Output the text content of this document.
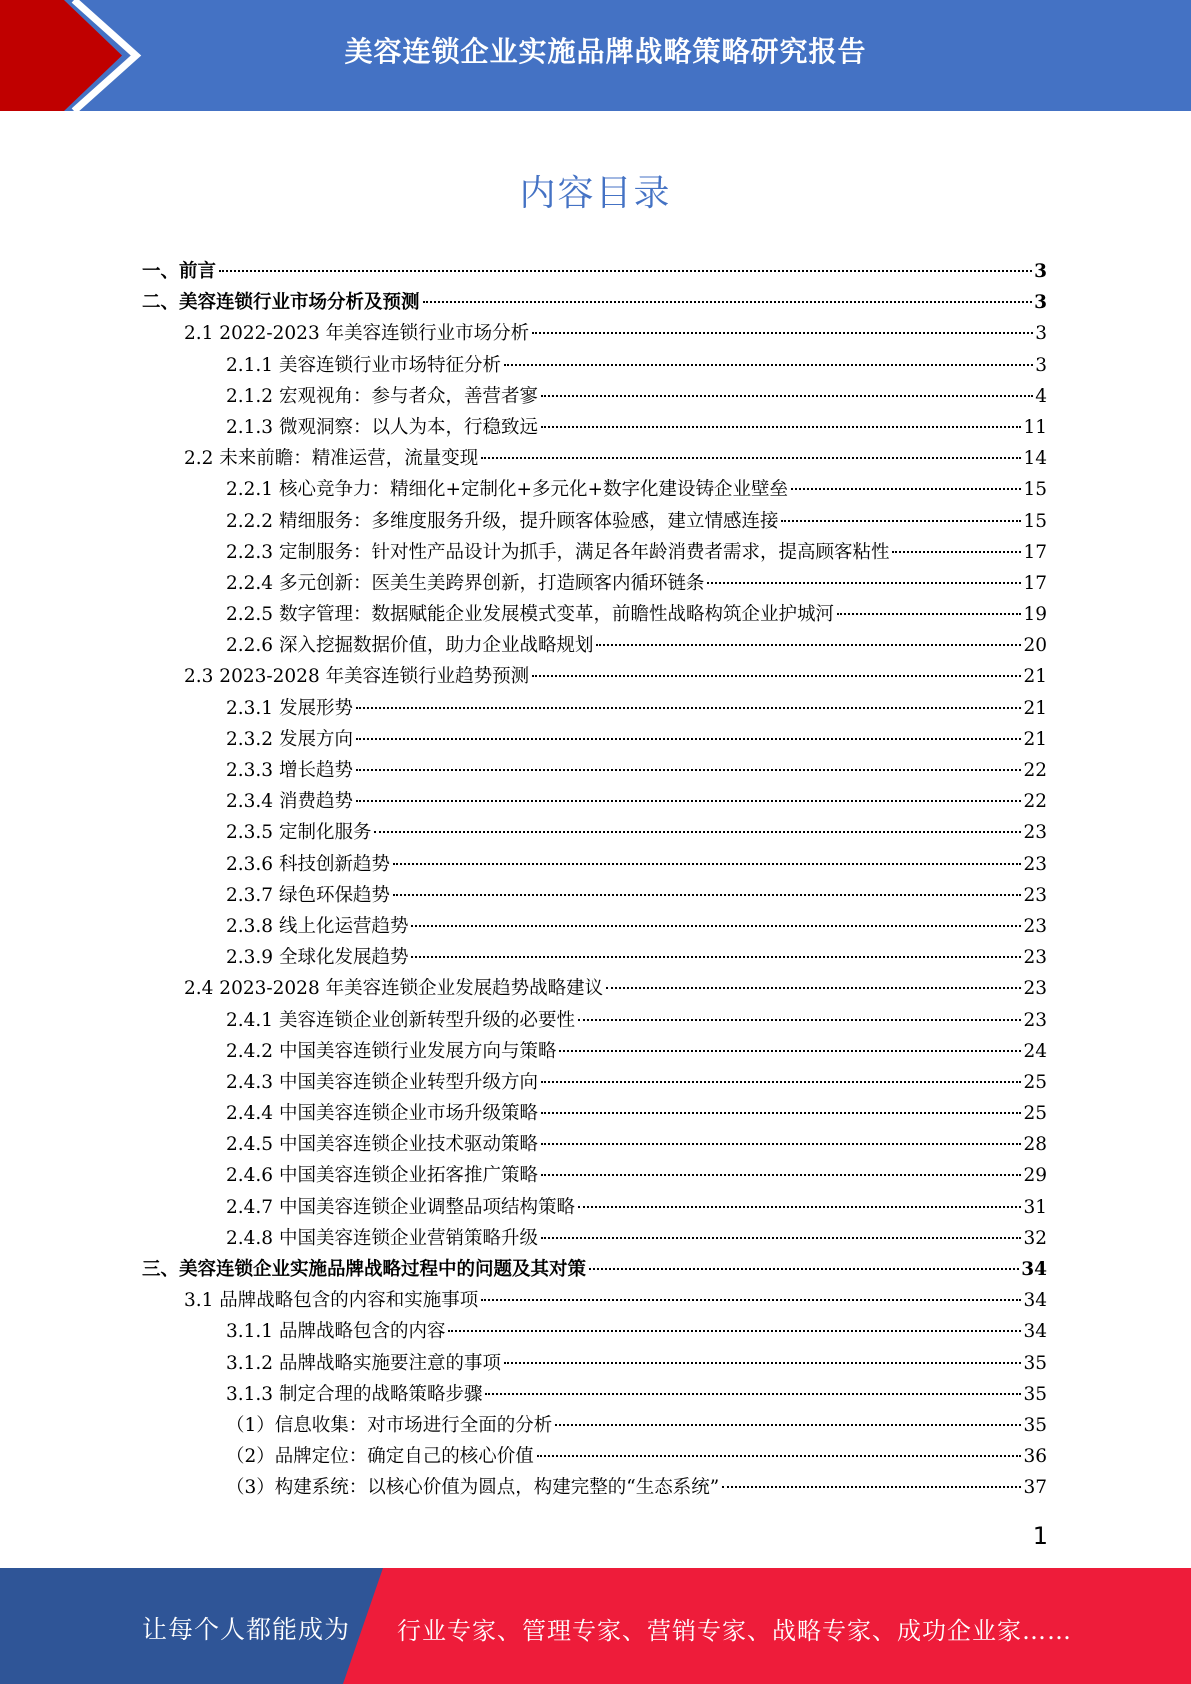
美容连锁企业实施品牌战略策略研究报告
内容目录
一、前言	3
二、美容连锁行业市场分析及预测	3
2.1 2022-2023 年美容连锁行业市场分析	3
2.1.1 美容连锁行业市场特征分析	3
2.1.2 宏观视角：参与者众，善营者寥	4
2.1.3 微观洞察：以人为本，行稳致远	11
2.2 未来前瞻：精准运营，流量变现	14
2.2.1 核心竞争力：精细化+定制化+多元化+数字化建设铸企业壁垒	15
2.2.2 精细服务：多维度服务升级，提升顾客体验感，建立情感连接	15
2.2.3 定制服务：针对性产品设计为抓手，满足各年龄消费者需求，提高顾客粘性	17
2.2.4 多元创新：医美生美跨界创新，打造顾客内循环链条	17
2.2.5 数字管理：数据赋能企业发展模式变革，前瞻性战略构筑企业护城河	19
2.2.6 深入挖掘数据价值，助力企业战略规划	20
2.3 2023-2028 年美容连锁行业趋势预测	21
2.3.1 发展形势	21
2.3.2 发展方向	21
2.3.3 增长趋势	22
2.3.4 消费趋势	22
2.3.5 定制化服务	23
2.3.6 科技创新趋势	23
2.3.7 绿色环保趋势	23
2.3.8 线上化运营趋势	23
2.3.9 全球化发展趋势	23
2.4 2023-2028 年美容连锁企业发展趋势战略建议	23
2.4.1 美容连锁企业创新转型升级的必要性	23
2.4.2 中国美容连锁行业发展方向与策略	24
2.4.3 中国美容连锁企业转型升级方向	25
2.4.4 中国美容连锁企业市场升级策略	25
2.4.5 中国美容连锁企业技术驱动策略	28
2.4.6 中国美容连锁企业拓客推广策略	29
2.4.7 中国美容连锁企业调整品项结构策略	31
2.4.8 中国美容连锁企业营销策略升级	32
三、美容连锁企业实施品牌战略过程中的问题及其对策	34
3.1 品牌战略包含的内容和实施事项	34
3.1.1 品牌战略包含的内容	34
3.1.2 品牌战略实施要注意的事项	35
3.1.3 制定合理的战略策略步骤	35
（1）信息收集：对市场进行全面的分析	35
（2）品牌定位：确定自己的核心价值	36
（3）构建系统：以核心价值为圆点，构建完整的“生态系统”	37
1
让每个人都能成为 行业专家、管理专家、营销专家、战略专家、成功企业家……
